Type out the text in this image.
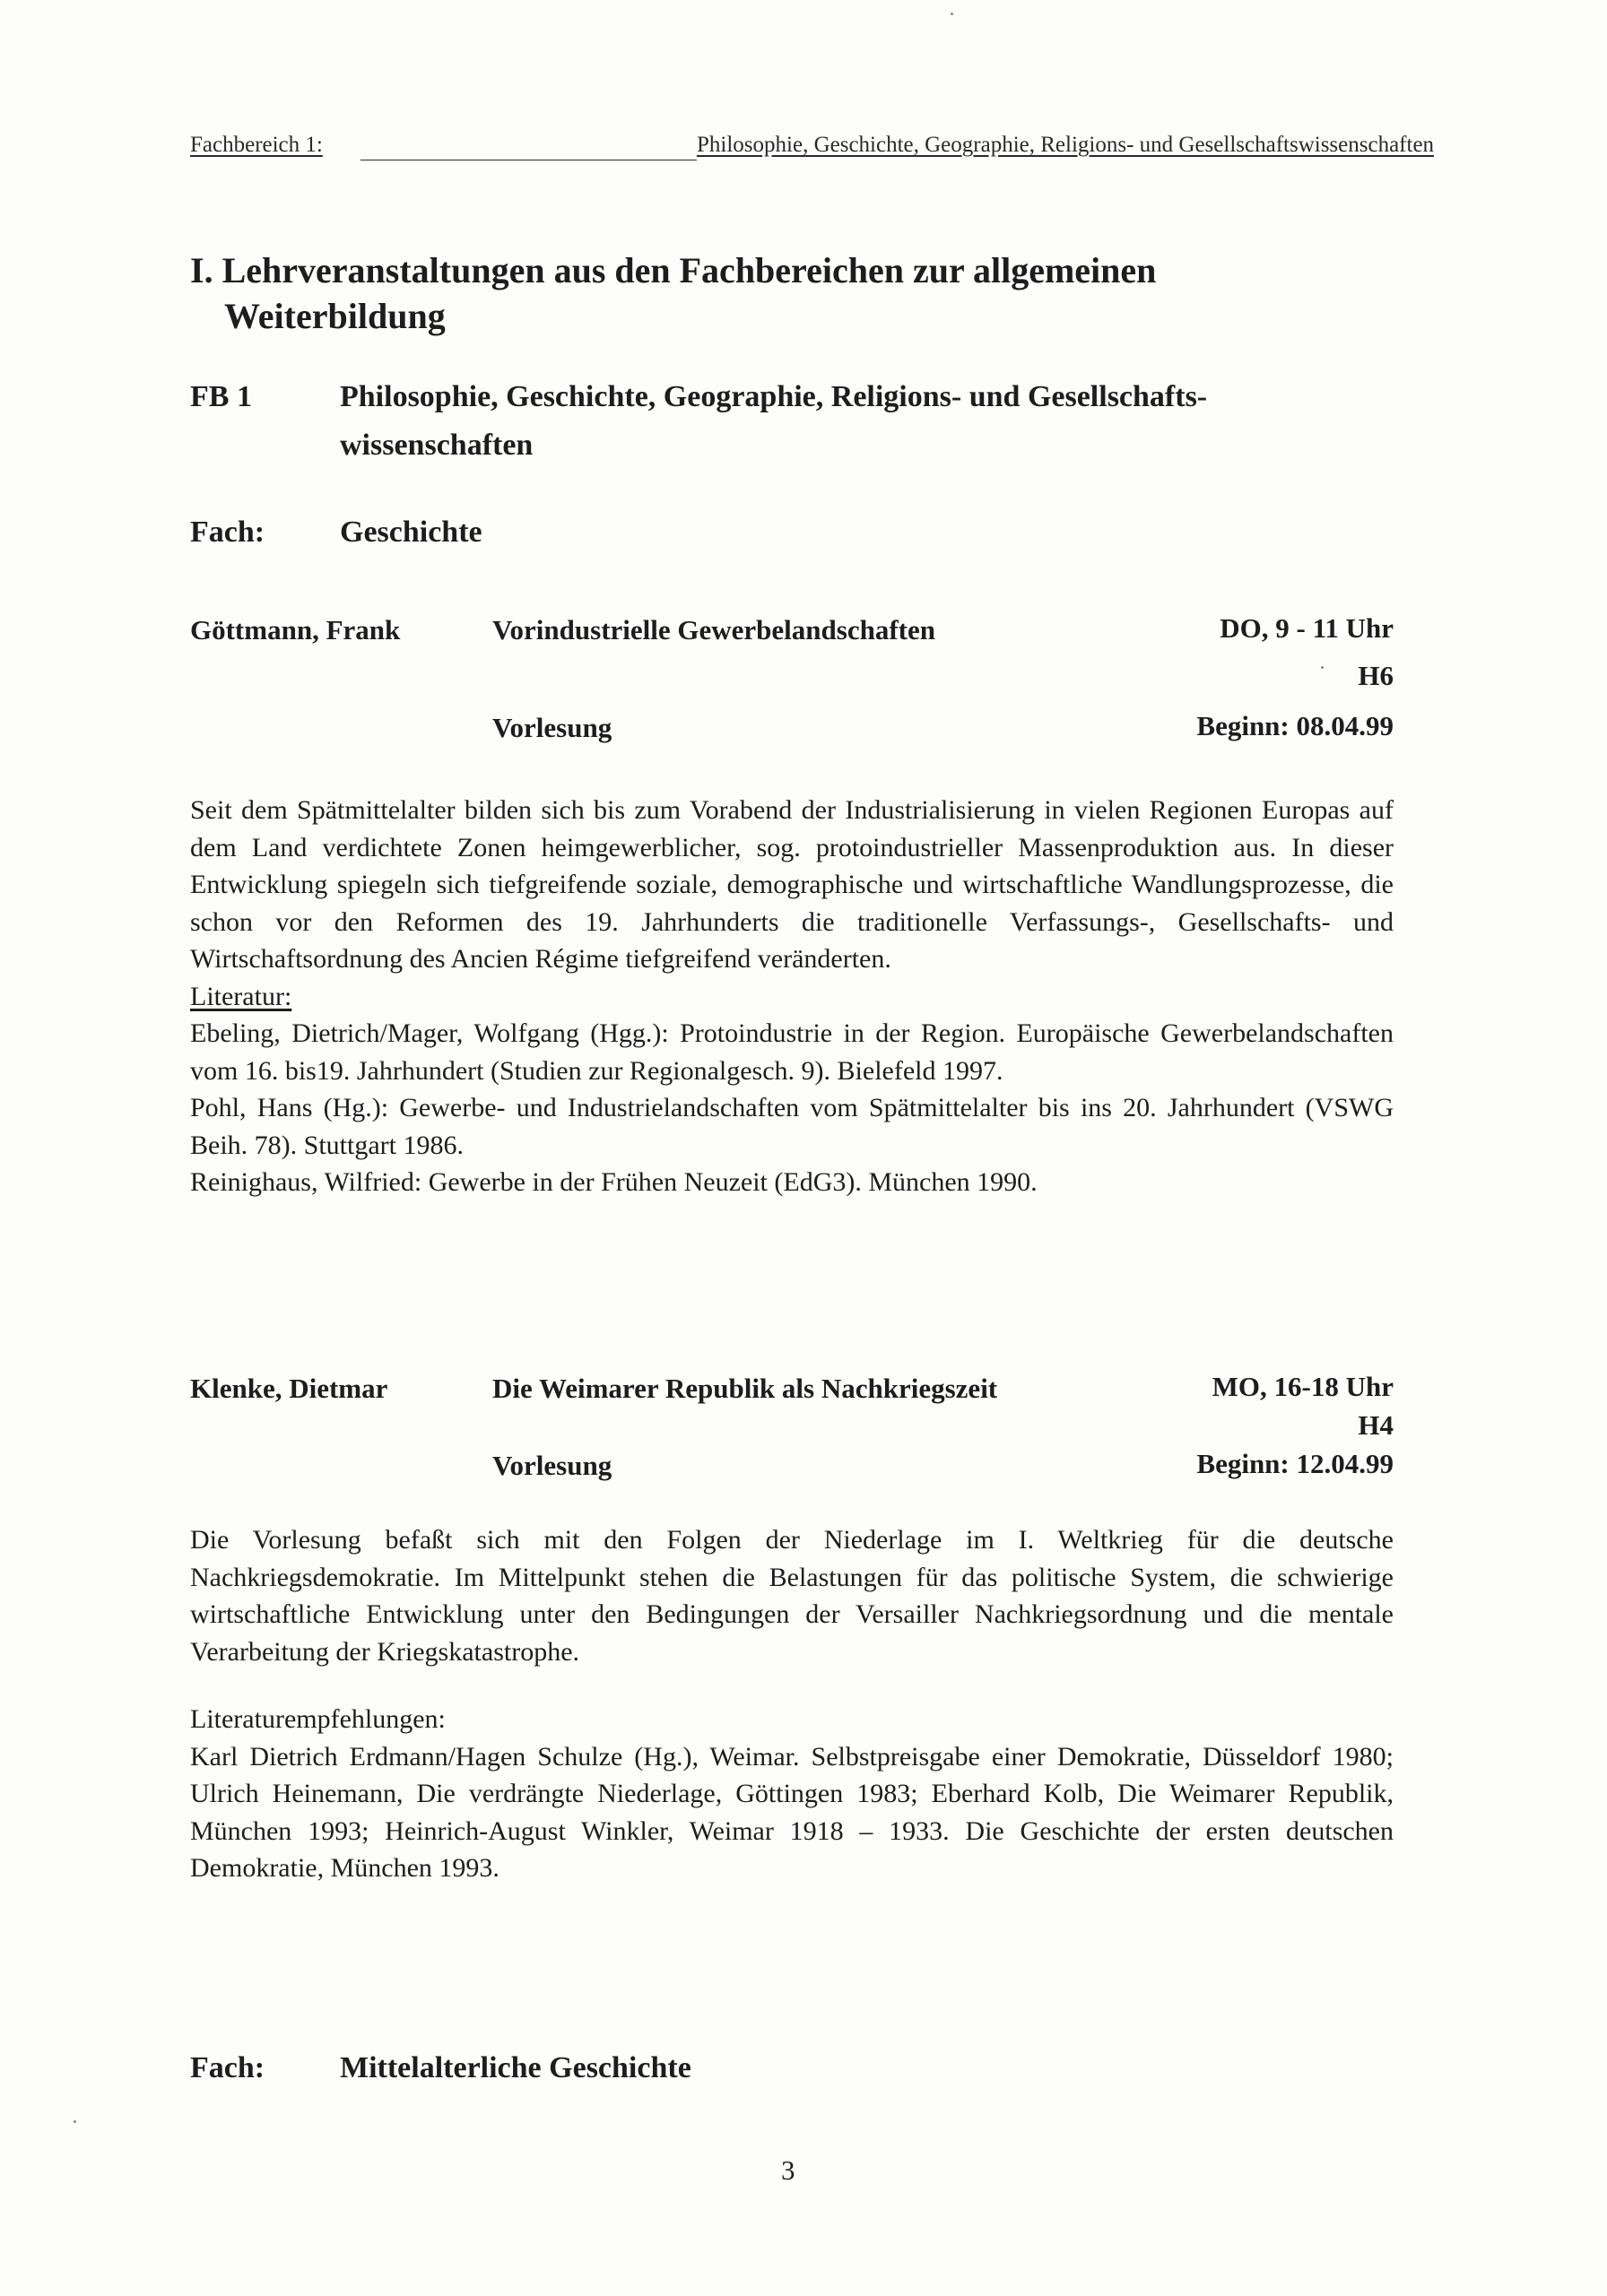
Fachbereich 1:	Philosophie, Geschichte, Geographie, Religions- und Gesellschaftswissenschaften
I. Lehrveranstaltungen aus den Fachbereichen zur allgemeinen
Weiterbildung
FB 1	Philosophie, Geschichte, Geographie, Religions- und Gesellschafts-
wissenschaften
Fach: Geschichte
Göttmann, Frank	Vorindustrielle Gewerbelandschaften	DO, 9 - 11 Uhr
H6
Vorlesung	Beginn: 08.04.99

Seit dem Spätmittelalter bilden sich bis zum Vorabend der Industrialisierung in vielen Regionen Europas auf dem Land verdichtete Zonen heimgewerblicher, sog. protoindustrieller Massenproduktion aus. In dieser Entwicklung spiegeln sich tiefgreifende soziale, demographische und wirtschaftliche Wandlungsprozesse, die schon vor den Reformen des 19. Jahrhunderts die traditionelle Verfassungs-, Gesellschafts- und Wirtschaftsordnung des Ancien Régime tiefgreifend veränderten.

Literatur:

Ebeling, Dietrich/Mager, Wolfgang (Hgg.): Protoindustrie in der Region. Europäische Gewerbelandschaften vom 16. bis19. Jahrhundert (Studien zur Regionalgesch. 9). Bielefeld 1997.

Pohl, Hans (Hg.): Gewerbe- und Industrielandschaften vom Spätmittelalter bis ins 20. Jahrhundert (VSWG Beih. 78). Stuttgart 1986.

Reinighaus, Wilfried: Gewerbe in der Frühen Neuzeit (EdG3). München 1990.

Klenke, Dietmar	Die Weimarer Republik als Nachkriegszeit	MO, 16-18 Uhr
H4
Vorlesung	Beginn: 12.04.99

Die Vorlesung befaßt sich mit den Folgen der Niederlage im I. Weltkrieg für die deutsche Nachkriegsdemokratie. Im Mittelpunkt stehen die Belastungen für das politische System, die schwierige wirtschaftliche Entwicklung unter den Bedingungen der Versailler Nachkriegsordnung und die mentale Verarbeitung der Kriegskatastrophe.

Literaturempfehlungen:

Karl Dietrich Erdmann/Hagen Schulze (Hg.), Weimar. Selbstpreisgabe einer Demokratie, Düsseldorf 1980; Ulrich Heinemann, Die verdrängte Niederlage, Göttingen 1983; Eberhard Kolb, Die Weimarer Republik, München 1993; Heinrich-August Winkler, Weimar 1918 – 1933. Die Geschichte der ersten deutschen Demokratie, München 1993.

Fach: Mittelalterliche Geschichte
3
